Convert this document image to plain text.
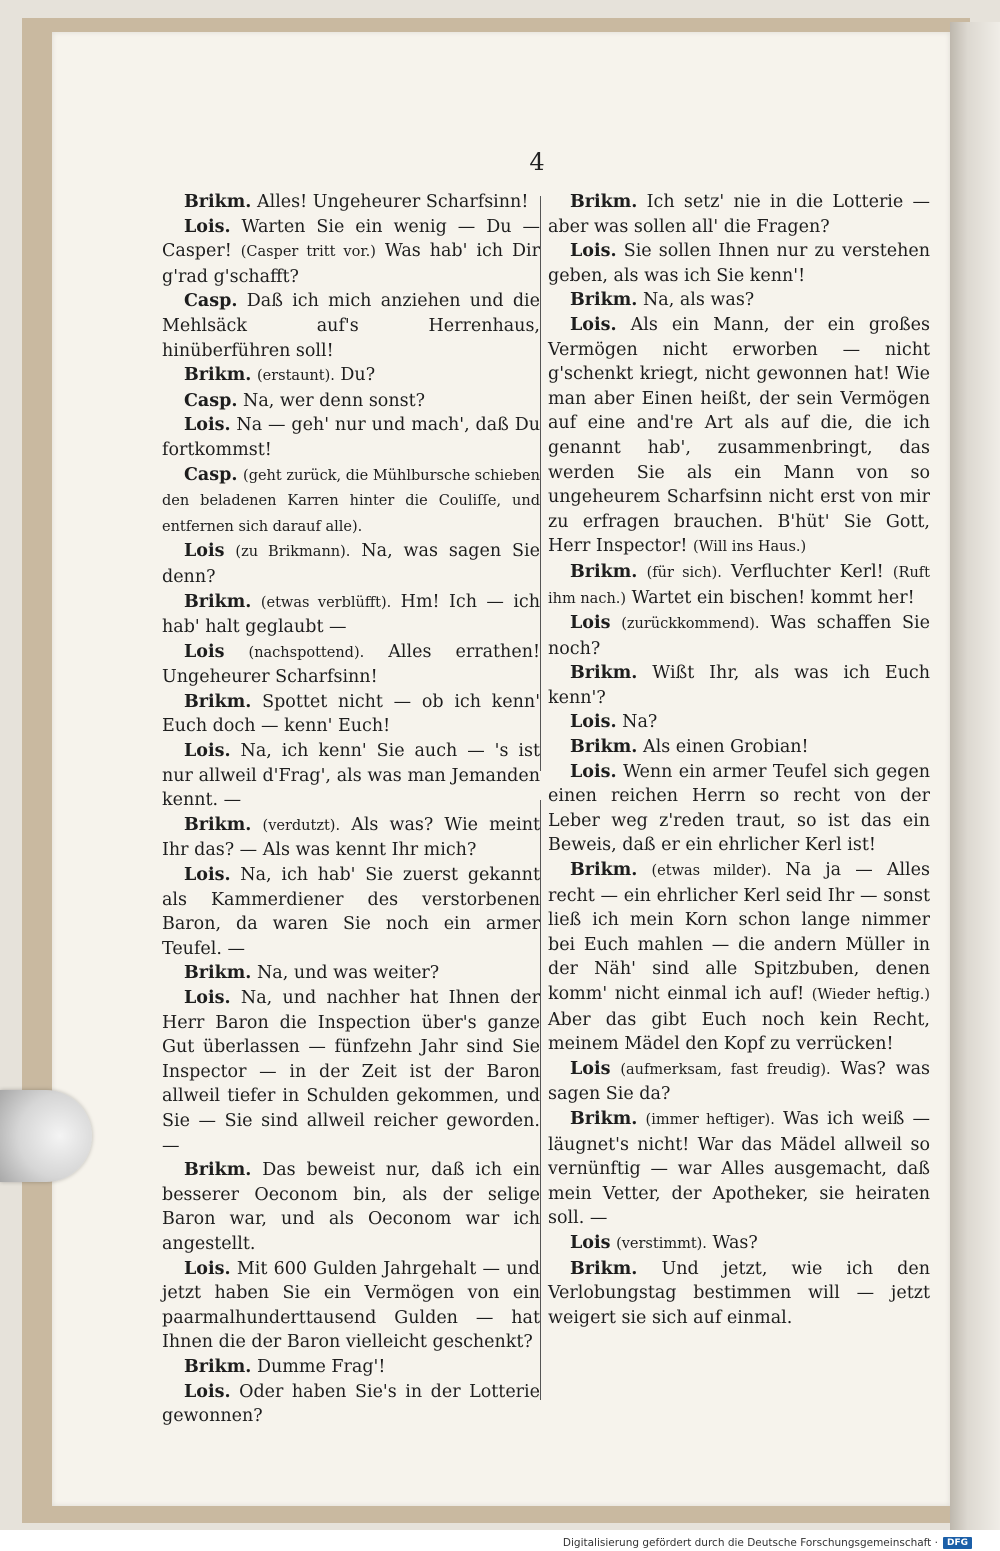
4

Brikm. Alles! Ungeheurer Scharfsinn!

Lois. Warten Sie ein wenig — Du — Casper! (Casper tritt vor.) Was hab' ich Dir g'rad g'schafft?

Casp. Daß ich mich anziehen und die Mehlsäck auf's Herrenhaus, hinüberführen soll!

Brikm. (erstaunt). Du?

Casp. Na, wer denn sonst?

Lois. Na — geh' nur und mach', daß Du fortkommst!

Casp. (geht zurück, die Mühlburschе schieben den beladenen Karren hinter die Couliſſe, und entfernen sich darauf alle).

Lois (zu Brikmann). Na, was sagen Sie denn?

Brikm. (etwas verblüfft). Hm! Ich — ich hab' halt geglaubt —

Lois (nachspottend). Alles errathen! Ungeheurer Scharfsinn!

Brikm. Spottet nicht — ob ich kenn' Euch doch — kenn' Euch!

Lois. Na, ich kenn' Sie auch — 's ist nur allweil d'Frag', als was man Jemanden kennt. —

Brikm. (verdutzt). Als was? Wie meint Ihr das? — Als was kennt Ihr mich?

Lois. Na, ich hab' Sie zuerst gekannt als Kammerdiener des verstorbenen Baron, da waren Sie noch ein armer Teufel. —

Brikm. Na, und was weiter?

Lois. Na, und nachher hat Ihnen der Herr Baron die Inspection über's ganze Gut überlassen — fünfzehn Jahr sind Sie Inspector — in der Zeit ist der Baron allweil tiefer in Schulden gekommen, und Sie — Sie sind allweil reicher geworden. —

Brikm. Das beweist nur, daß ich ein besserer Oeconom bin, als der selige Baron war, und als Oeconom war ich angestellt.

Lois. Mit 600 Gulden Jahrgehalt — und jetzt haben Sie ein Vermögen von ein paarmalhunderttausend Gulden — hat Ihnen die der Baron vielleicht geschenkt?

Brikm. Dumme Frag'!

Lois. Oder haben Sie's in der Lotterie gewonnen?

Brikm. Ich setz' nie in die Lotterie — aber was sollen all' die Fragen?

Lois. Sie sollen Ihnen nur zu verstehen geben, als was ich Sie kenn'!

Brikm. Na, als was?

Lois. Als ein Mann, der ein großes Vermögen nicht erworben — nicht g'schenkt kriegt, nicht gewonnen hat! Wie man aber Einen heißt, der sein Vermögen auf eine and're Art als auf die, die ich genannt hab', zusammenbringt, das werden Sie als ein Mann von so ungeheurem Scharfsinn nicht erst von mir zu erfragen brauchen. B'hüt' Sie Gott, Herr Inspector! (Will ins Haus.)

Brikm. (für sich). Verfluchter Kerl! (Ruft ihm nach.) Wartet ein bischen! kommt her!

Lois (zurückkommend). Was schaffen Sie noch?

Brikm. Wißt Ihr, als was ich Euch kenn'?

Lois. Na?

Brikm. Als einen Grobian!

Lois. Wenn ein armer Teufel sich gegen einen reichen Herrn so recht von der Leber weg z'reden traut, so ist das ein Beweis, daß er ein ehrlicher Kerl ist!

Brikm. (etwas milder). Na ja — Alles recht — ein ehrlicher Kerl seid Ihr — sonst ließ ich mein Korn schon lange nimmer bei Euch mahlen — die andern Müller in der Näh' sind alle Spitzbuben, denen komm' nicht einmal ich auf! (Wieder heftig.) Aber das gibt Euch noch kein Recht, meinem Mädel den Kopf zu verrücken!

Lois (aufmerksam, fast freudig). Was? was sagen Sie da?

Brikm. (immer heftiger). Was ich weiß — läugnet's nicht! War das Mädel allweil so vernünftig — war Alles ausgemacht, daß mein Vetter, der Apotheker, sie heiraten soll. —

Lois (verstimmt). Was?

Brikm. Und jetzt, wie ich den Verlobungstag bestimmen will — jetzt weigert sie sich auf einmal.

Digitalisierung gefördert durch die Deutsche Forschungsgemeinschaft ·	DFG
